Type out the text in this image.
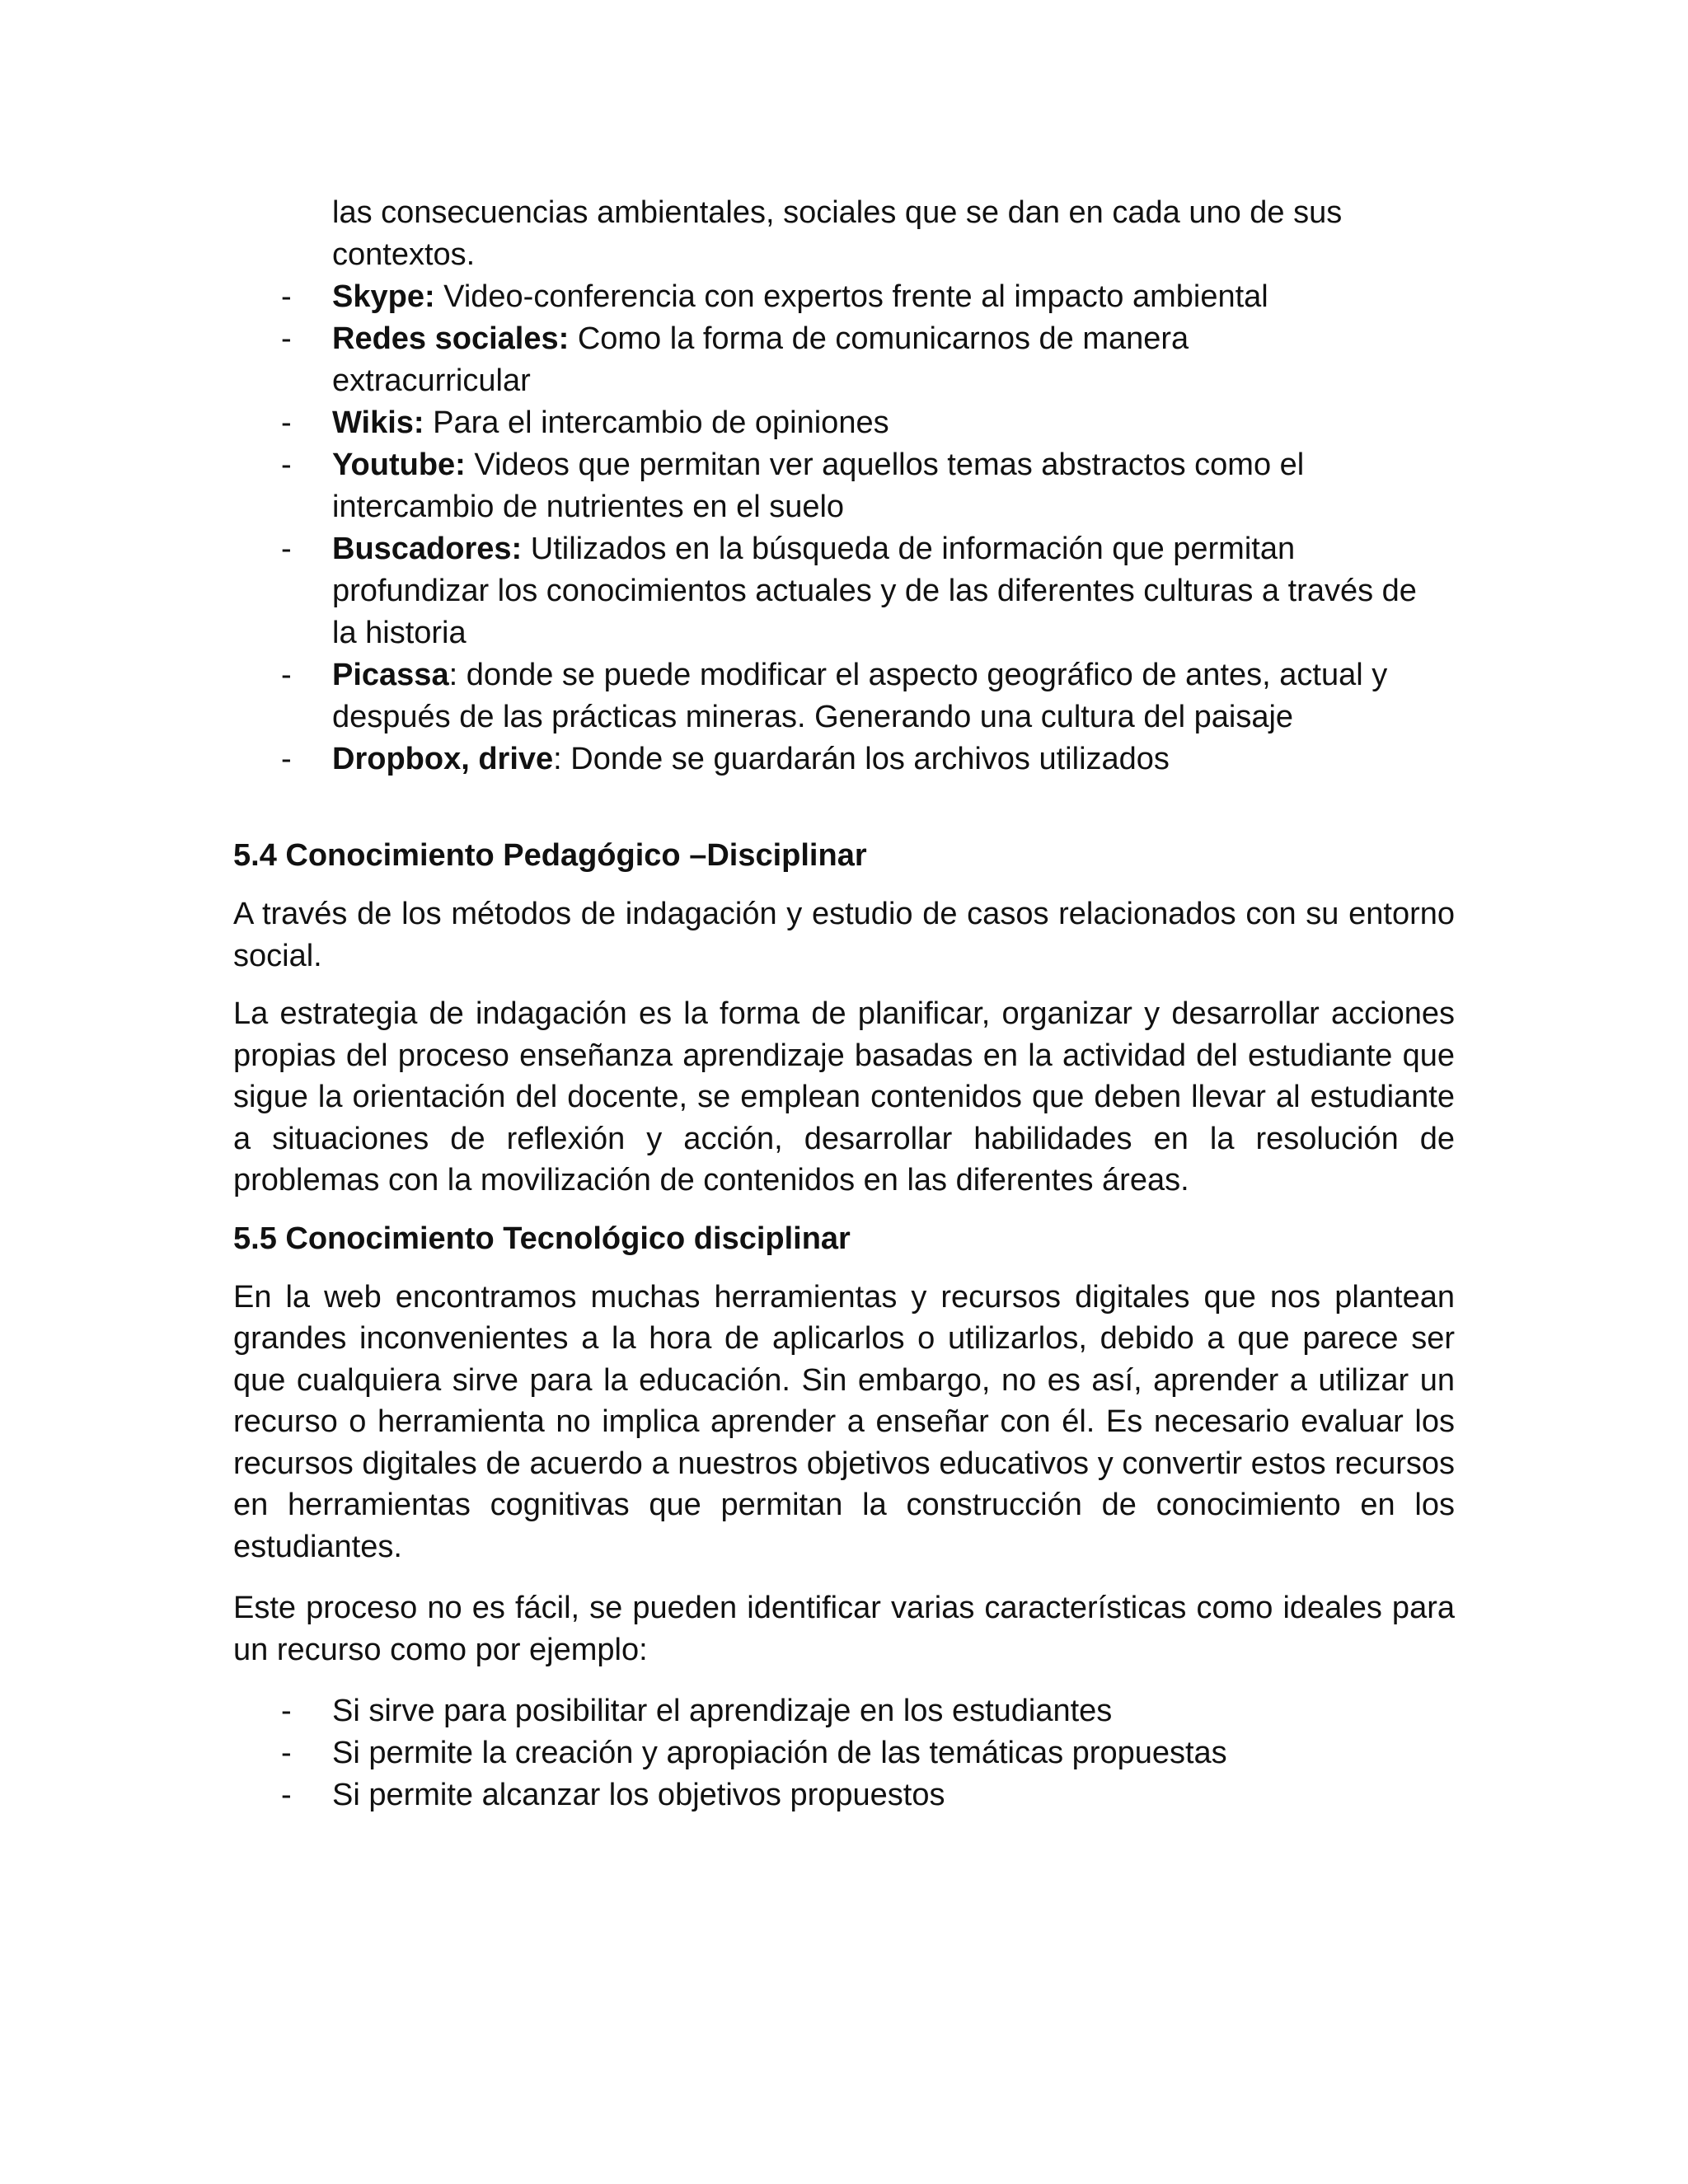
las consecuencias ambientales, sociales que se dan en cada uno de sus
contextos.
- Skype: Video-conferencia con expertos frente al impacto ambiental
- Redes sociales: Como la forma de comunicarnos de manera extracurricular
- Wikis: Para el intercambio de opiniones
- Youtube: Videos que permitan ver aquellos temas abstractos como el intercambio de nutrientes en el suelo
- Buscadores: Utilizados en la búsqueda de información que permitan profundizar los conocimientos actuales y de las diferentes culturas a través de la historia
- Picassa: donde se puede modificar el aspecto geográfico de antes, actual y después de las prácticas mineras. Generando una cultura del paisaje
- Dropbox, drive: Donde se guardarán los archivos utilizados
5.4 Conocimiento Pedagógico –Disciplinar

A través de los métodos de indagación y estudio de casos relacionados con su entorno social.

La estrategia de indagación es la forma de planificar, organizar y desarrollar acciones propias del proceso enseñanza aprendizaje basadas en la actividad del estudiante que sigue la orientación del docente, se emplean contenidos que deben llevar al estudiante a situaciones de reflexión y acción, desarrollar habilidades en la resolución de problemas con la movilización de contenidos en las diferentes áreas.

5.5 Conocimiento Tecnológico disciplinar

En la web encontramos muchas herramientas y recursos digitales que nos plantean grandes inconvenientes a la hora de aplicarlos o utilizarlos, debido a que parece ser que cualquiera sirve para la educación. Sin embargo, no es así, aprender a utilizar un recurso o herramienta no implica aprender a enseñar con él. Es necesario evaluar los recursos digitales de acuerdo a nuestros objetivos educativos y convertir estos recursos en herramientas cognitivas que permitan la construcción de conocimiento en los estudiantes.

Este proceso no es fácil, se pueden identificar varias características como ideales para un recurso como por ejemplo:

- Si sirve para posibilitar el aprendizaje en los estudiantes
- Si permite la creación y apropiación de las temáticas propuestas
- Si permite alcanzar los objetivos propuestos
